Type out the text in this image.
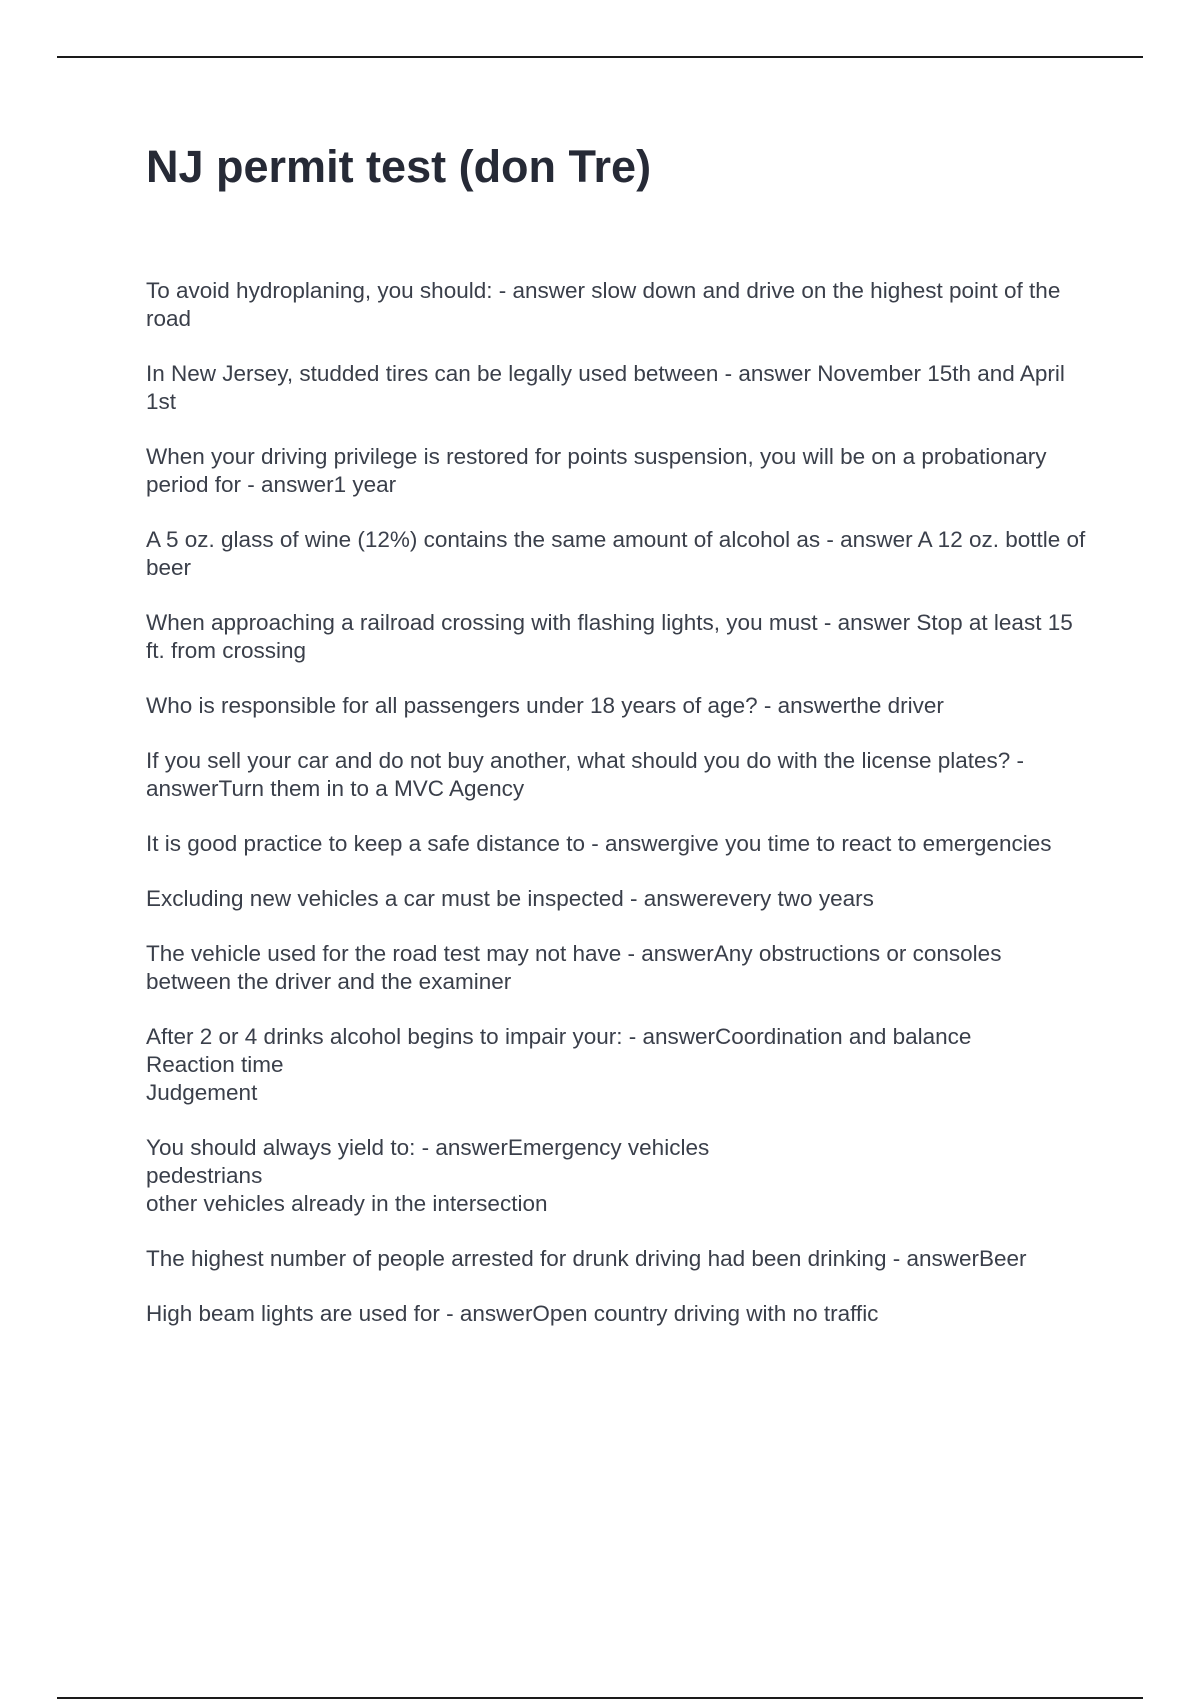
NJ permit test (don Tre)

To avoid hydroplaning, you should: - answer slow down and drive on the highest point of the road

In New Jersey, studded tires can be legally used between - answer November 15th and April 1st

When your driving privilege is restored for points suspension, you will be on a probationary period for - answer1 year

A 5 oz. glass of wine (12%) contains the same amount of alcohol as - answer A 12 oz. bottle of beer

When approaching a railroad crossing with flashing lights, you must - answer Stop at least 15 ft. from crossing

Who is responsible for all passengers under 18 years of age? - answerthe driver

If you sell your car and do not buy another, what should you do with the license plates? - answerTurn them in to a MVC Agency

It is good practice to keep a safe distance to - answergive you time to react to emergencies

Excluding new vehicles a car must be inspected - answerevery two years

The vehicle used for the road test may not have - answerAny obstructions or consoles between the driver and the examiner

After 2 or 4 drinks alcohol begins to impair your: - answerCoordination and balance
Reaction time
Judgement

You should always yield to: - answerEmergency vehicles
pedestrians
other vehicles already in the intersection

The highest number of people arrested for drunk driving had been drinking - answerBeer

High beam lights are used for - answerOpen country driving with no traffic
